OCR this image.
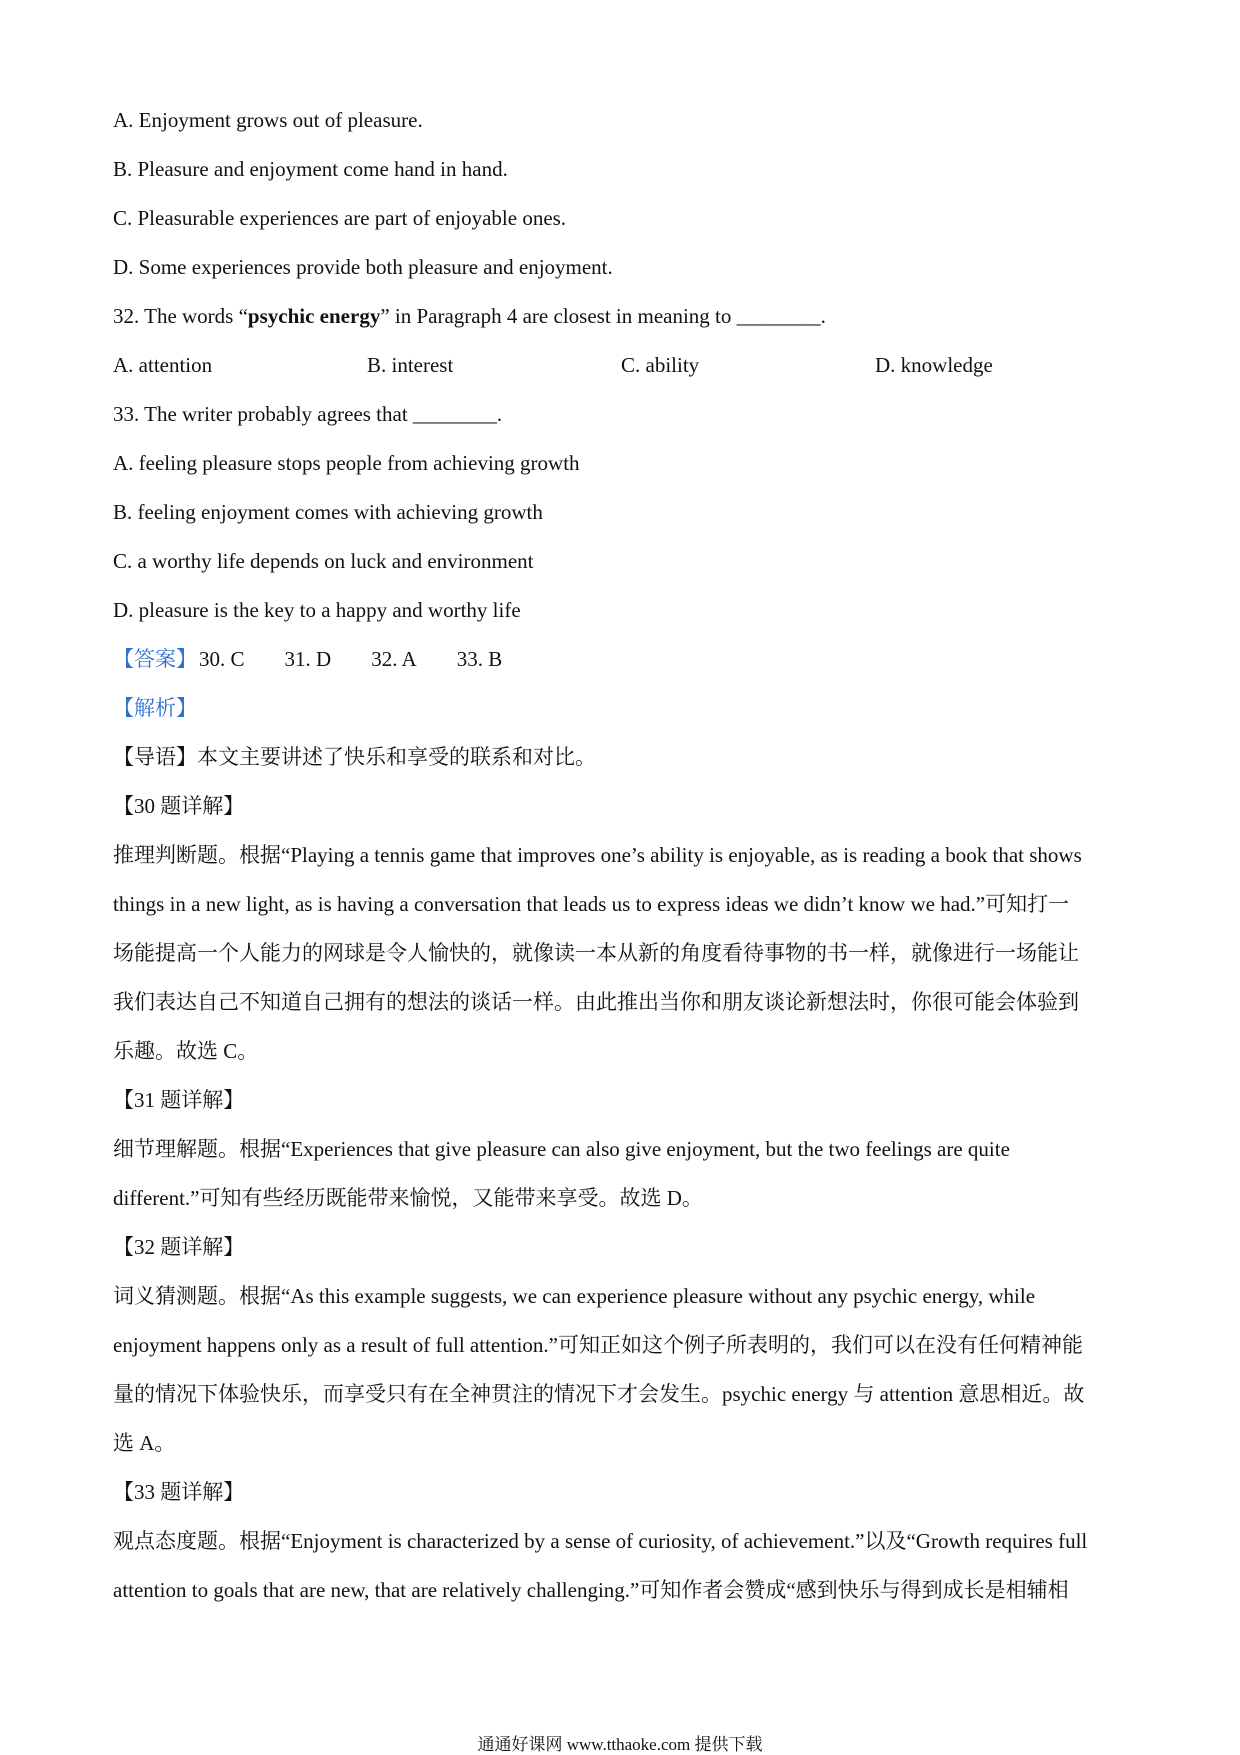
A. Enjoyment grows out of pleasure.
B. Pleasure and enjoyment come hand in hand.
C. Pleasurable experiences are part of enjoyable ones.
D. Some experiences provide both pleasure and enjoyment.
32. The words “psychic energy” in Paragraph 4 are closest in meaning to ________.
A. attention	B. interest	C. ability	D. knowledge
33. The writer probably agrees that ________.
A. feeling pleasure stops people from achieving growth
B. feeling enjoyment comes with achieving growth
C. a worthy life depends on luck and environment
D. pleasure is the key to a happy and worthy life
【答案】30. C 31. D 32. A 33. B
【解析】
【导语】本文主要讲述了快乐和享受的联系和对比。
【30 题详解】
推理判断题。根据“Playing a tennis game that improves one’s ability is enjoyable, as is reading a book that shows
things in a new light, as is having a conversation that leads us to express ideas we didn’t know we had.”可知打一
场能提高一个人能力的网球是令人愉快的，就像读一本从新的角度看待事物的书一样，就像进行一场能让
我们表达自己不知道自己拥有的想法的谈话一样。由此推出当你和朋友谈论新想法时，你很可能会体验到
乐趣。故选 C。
【31 题详解】
细节理解题。根据“Experiences that give pleasure can also give enjoyment, but the two feelings are quite
different.”可知有些经历既能带来愉悦，又能带来享受。故选 D。
【32 题详解】
词义猜测题。根据“As this example suggests, we can experience pleasure without any psychic energy, while
enjoyment happens only as a result of full attention.”可知正如这个例子所表明的，我们可以在没有任何精神能
量的情况下体验快乐，而享受只有在全神贯注的情况下才会发生。psychic energy 与 attention 意思相近。故
选 A。
【33 题详解】
观点态度题。根据“Enjoyment is characterized by a sense of curiosity, of achievement.”以及“Growth requires full
attention to goals that are new, that are relatively challenging.”可知作者会赞成“感到快乐与得到成长是相辅相
通通好课网 www.tthaoke.com 提供下载
